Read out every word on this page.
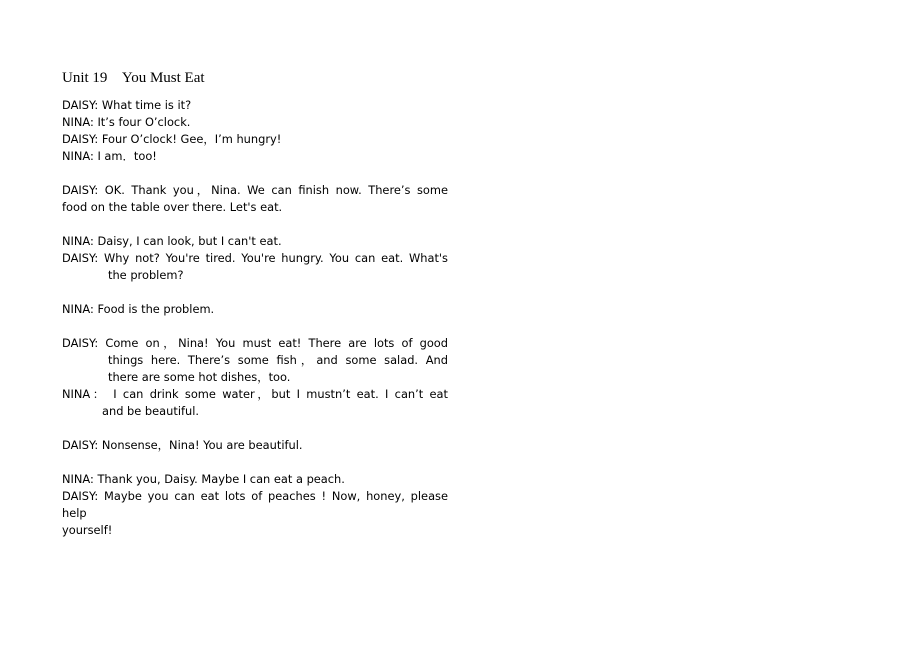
Unit 19    You Must Eat

DAISY: What time is it?

NINA: It’s four O’clock.

DAISY: Four O’clock! Gee，I’m hungry!

NINA: I am．too!

DAISY: OK. Thank you，Nina. We can finish now. There’s some

food on the table over there. Let's eat.

NINA: Daisy, I can look, but I can't eat.

DAISY: Why not? You're tired. You're hungry. You can eat. What's

the problem?

NINA: Food is the problem.

DAISY: Come on，Nina! You must eat! There are lots of good

things here. There’s some fish，and some salad. And

there are some hot dishes，too.

NINA： I can drink some water，but I mustn’t eat. I can’t eat

and be beautiful.

DAISY: Nonsense，Nina! You are beautiful.

NINA: Thank you, Daisy. Maybe I can eat a peach.

DAISY: Maybe you can eat lots of peaches ! Now, honey, please

help

yourself!
